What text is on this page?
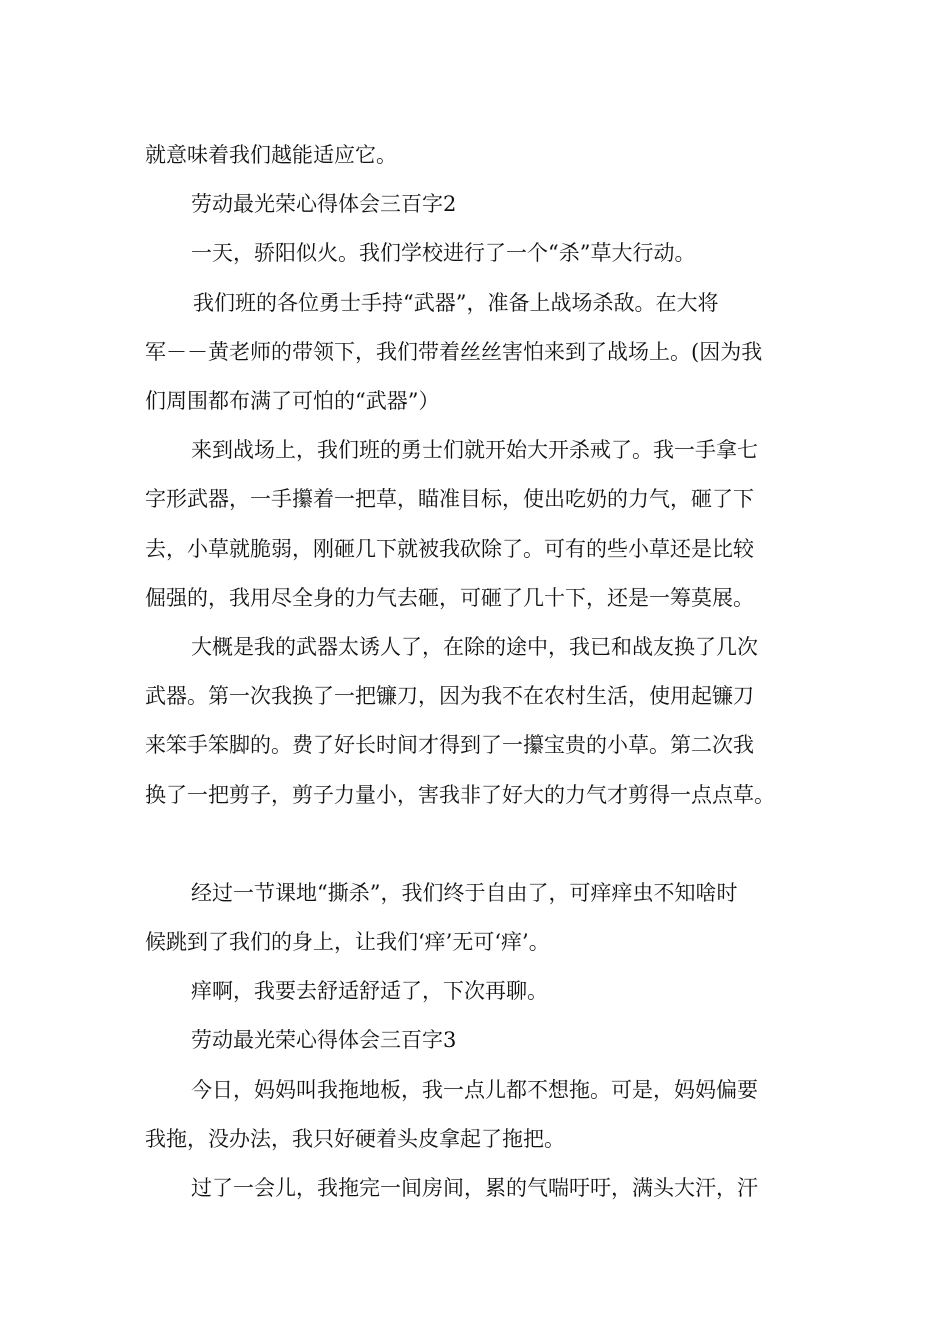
就意味着我们越能适应它。
劳动最光荣心得体会三百字2
一天，骄阳似火。我们学校进行了一个“杀”草大行动。
我们班的各位勇士手持“武器”，准备上战场杀敌。在大将
军－－黄老师的带领下，我们带着丝丝害怕来到了战场上。(因为我
们周围都布满了可怕的“武器”）
来到战场上，我们班的勇士们就开始大开杀戒了。我一手拿七
字形武器，一手攥着一把草，瞄准目标，使出吃奶的力气，砸了下
去，小草就脆弱，刚砸几下就被我砍除了。可有的些小草还是比较
倔强的，我用尽全身的力气去砸，可砸了几十下，还是一筹莫展。
大概是我的武器太诱人了，在除的途中，我已和战友换了几次
武器。第一次我换了一把镰刀，因为我不在农村生活，使用起镰刀
来笨手笨脚的。费了好长时间才得到了一攥宝贵的小草。第二次我
换了一把剪子，剪子力量小，害我非了好大的力气才剪得一点点草。
经过一节课地“撕杀”，我们终于自由了，可痒痒虫不知啥时
候跳到了我们的身上，让我们‘痒’无可‘痒’。
痒啊，我要去舒适舒适了，下次再聊。
劳动最光荣心得体会三百字3
今日，妈妈叫我拖地板，我一点儿都不想拖。可是，妈妈偏要
我拖，没办法，我只好硬着头皮拿起了拖把。
过了一会儿，我拖完一间房间，累的气喘吁吁，满头大汗，汗
